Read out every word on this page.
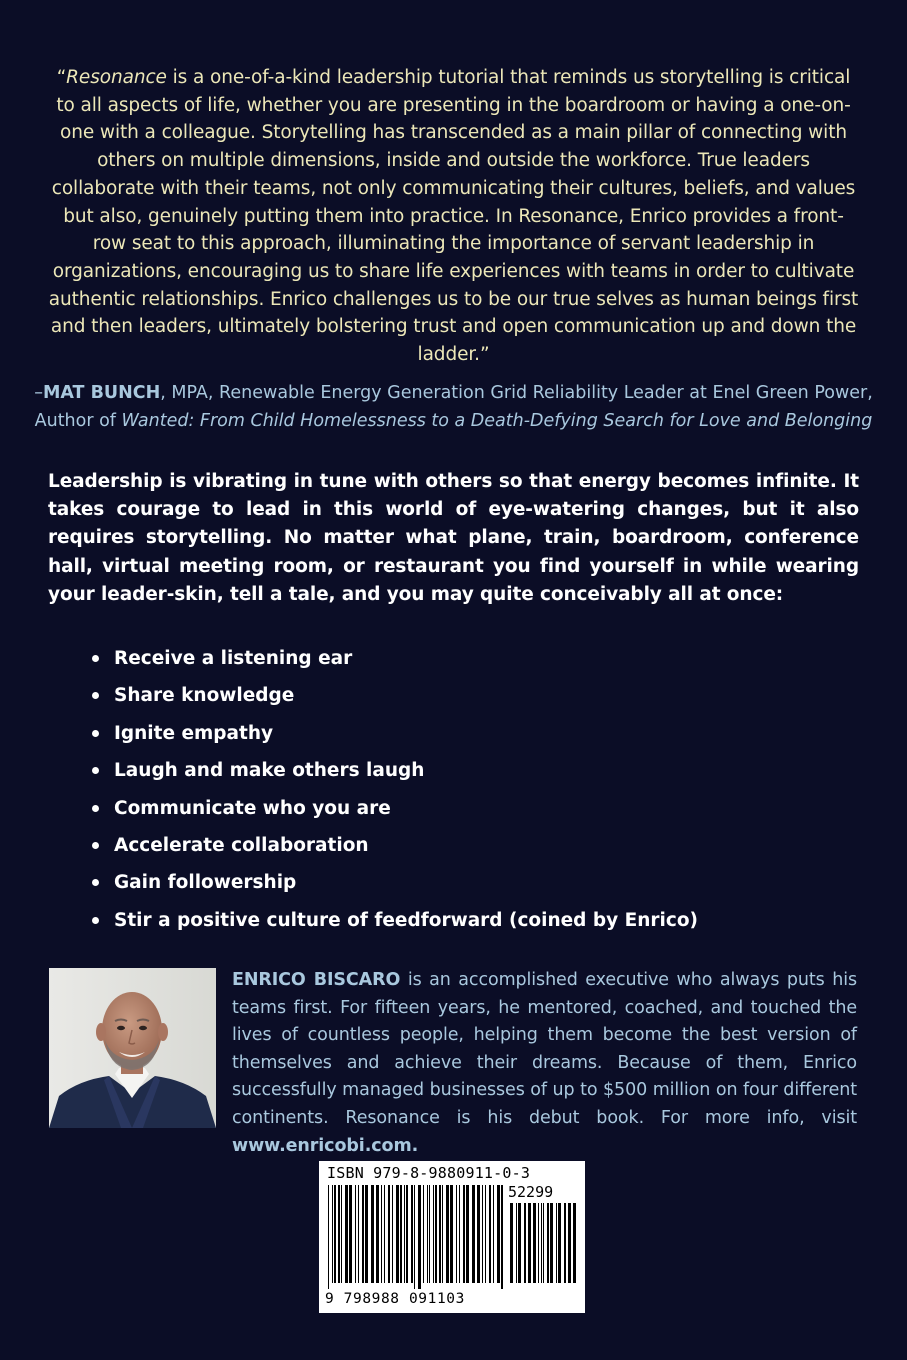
“Resonance is a one-of-a-kind leadership tutorial that reminds us storytelling is critical to all aspects of life, whether you are presenting in the boardroom or having a one-on-one with a colleague. Storytelling has transcended as a main pillar of connecting with others on multiple dimensions, inside and outside the workforce. True leaders collaborate with their teams, not only communicating their cultures, beliefs, and values but also, genuinely putting them into practice. In Resonance, Enrico provides a front-row seat to this approach, illuminating the importance of servant leadership in organizations, encouraging us to share life experiences with teams in order to cultivate authentic relationships. Enrico challenges us to be our true selves as human beings first and then leaders, ultimately bolstering trust and open communication up and down the ladder.”

–MAT BUNCH, MPA, Renewable Energy Generation Grid Reliability Leader at Enel Green Power,
Author of Wanted: From Child Homelessness to a Death-Defying Search for Love and Belonging

Leadership is vibrating in tune with others so that energy becomes infinite. It takes courage to lead in this world of eye-watering changes, but it also requires storytelling. No matter what plane, train, boardroom, conference hall, virtual meeting room, or restaurant you find yourself in while wearing your leader-skin, tell a tale, and you may quite conceivably all at once:

Receive a listening ear
Share knowledge
Ignite empathy
Laugh and make others laugh
Communicate who you are
Accelerate collaboration
Gain followership
Stir a positive culture of feedforward (coined by Enrico)

ENRICO BISCARO is an accomplished executive who always puts his teams first. For fifteen years, he mentored, coached, and touched the lives of countless people, helping them become the best version of themselves and achieve their dreams. Because of them, Enrico successfully managed businesses of up to $500 million on four different continents. Resonance is his debut book. For more info, visit www.enricobi.com.

ISBN 979-8-9880911-0-3
52299
9 798988 091103
